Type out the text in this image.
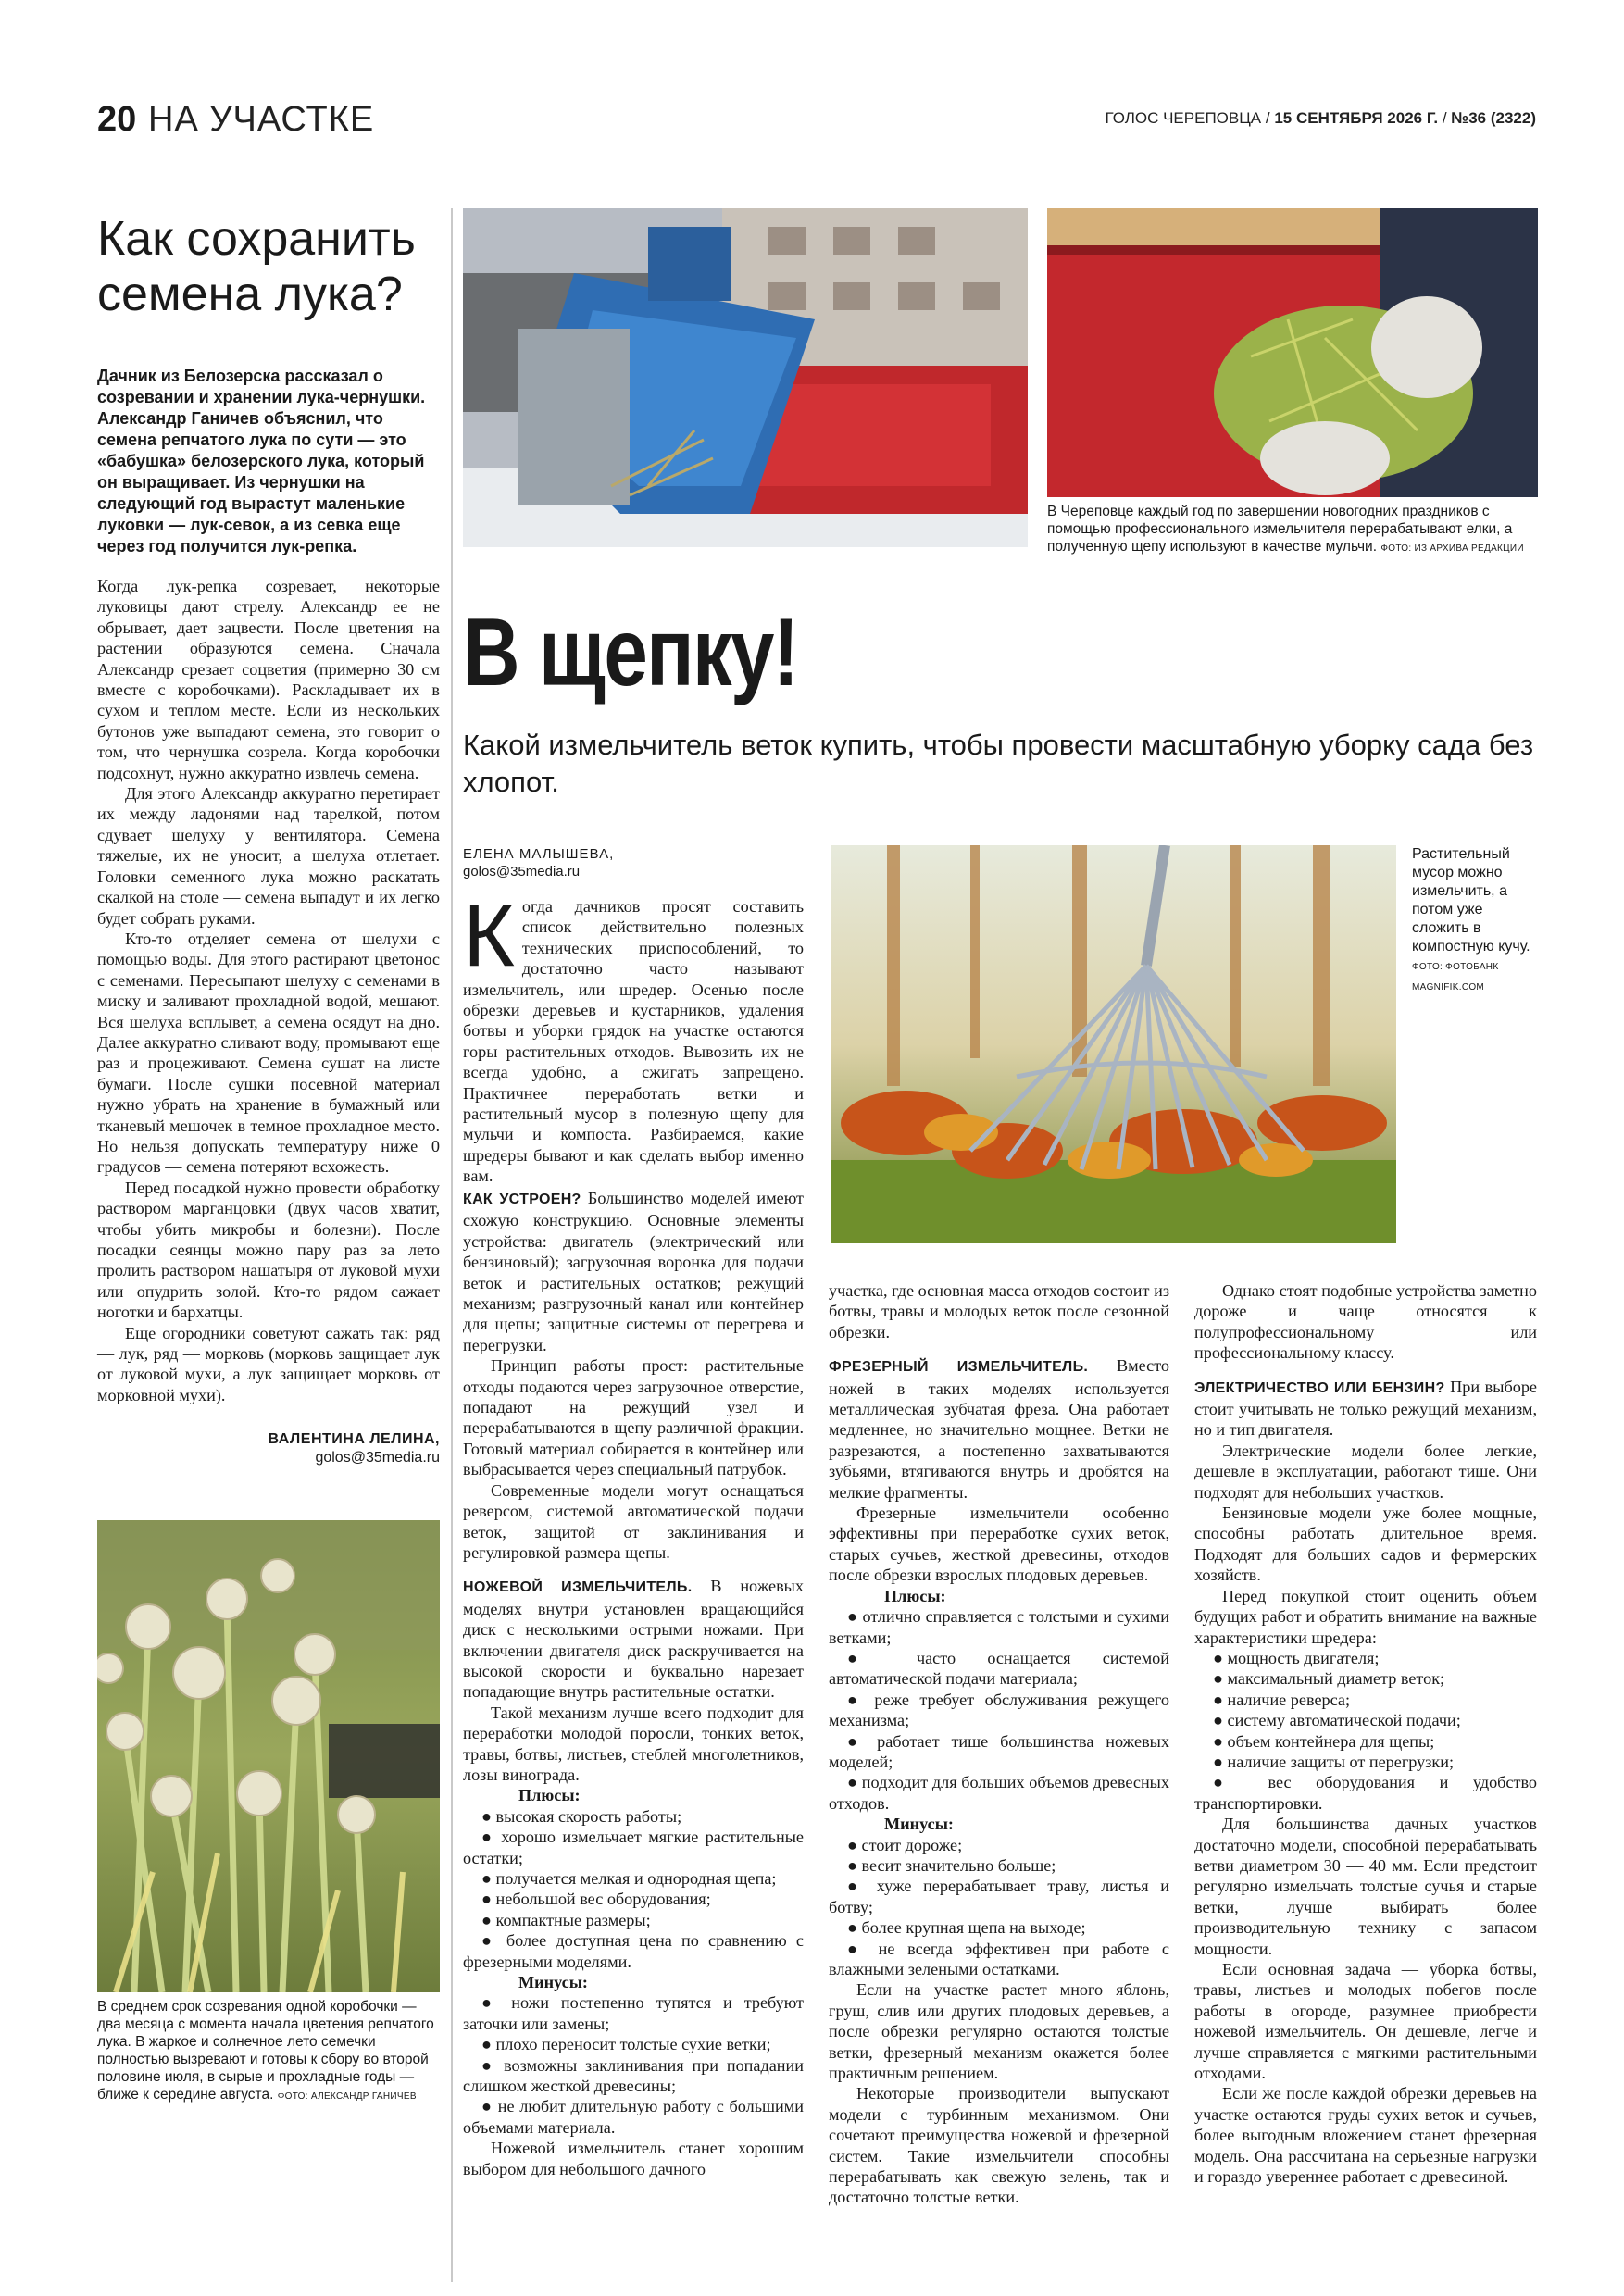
20 НА УЧАСТКЕ	ГОЛОС ЧЕРЕПОВЦА / 15 СЕНТЯБРЯ 2026 Г. / №36 (2322)
Как сохранить семена лука?
Дачник из Белозерска рассказал о созревании и хранении лука-чернушки. Александр Ганичев объяснил, что семена репчатого лука по сути — это «бабушка» белозерского лука, который он выращивает. Из чернушки на следующий год вырастут маленькие луковки — лук-севок, а из севка еще через год получится лук-репка.

Когда лук-репка созревает, некоторые луковицы дают стрелу. Александр ее не обрывает, дает зацвести. После цветения на растении образуются семена. Сначала Александр срезает соцветия (примерно 30 см вместе с коробочками). Раскладывает их в сухом и теплом месте. Если из нескольких бутонов уже выпадают семена, это говорит о том, что чернушка созрела. Когда коробочки подсохнут, нужно аккуратно извлечь семена.

Для этого Александр аккуратно перетирает их между ладонями над тарелкой, потом сдувает шелуху у вентилятора. Семена тяжелые, их не уносит, а шелуха отлетает. Головки семенного лука можно раскатать скалкой на столе — семена выпадут и их легко будет собрать руками.

Кто-то отделяет семена от шелухи с помощью воды. Для этого растирают цветонос с семенами. Пересыпают шелуху с семенами в миску и заливают прохладной водой, мешают. Вся шелуха всплывет, а семена осядут на дно. Далее аккуратно сливают воду, промывают еще раз и процеживают. Семена сушат на листе бумаги. После сушки посевной материал нужно убрать на хранение в бумажный или тканевый мешочек в темное прохладное место. Но нельзя допускать температуру ниже 0 градусов — семена потеряют всхожесть.

Перед посадкой нужно провести обработку раствором марганцовки (двух часов хватит, чтобы убить микробы и болезни). После посадки сеянцы можно пару раз за лето пролить раствором нашатыря от луковой мухи или опудрить золой. Кто-то рядом сажает ноготки и бархатцы.

Еще огородники советуют сажать так: ряд — лук, ряд — морковь (морковь защищает лук от луковой мухи, а лук защищает морковь от морковной мухи).

ВАЛЕНТИНА ЛЕЛИНА,
golos@35media.ru
В среднем срок созревания одной коробочки — два месяца с момента начала цветения репчатого лука. В жаркое и солнечное лето семечки полностью вызревают и готовы к сбору во второй половине июля, в сырые и прохладные годы — ближе к середине августа. ФОТО: АЛЕКСАНДР ГАНИЧЕВ
В Череповце каждый год по завершении новогодних праздников с помощью профессионального измельчителя перерабатывают елки, а полученную щепу используют в качестве мульчи. ФОТО: ИЗ АРХИВА РЕДАКЦИИ
В щепку!
Какой измельчитель веток купить, чтобы провести масштабную уборку сада без хлопот.
ЕЛЕНА МАЛЫШЕВА,
golos@35media.ru
Растительный мусор можно измельчить, а потом уже сложить в компостную кучу. ФОТО: ФОТОБАНК MAGNIFIK.COM

Когда дачников просят составить список действительно полезных технических приспособлений, то достаточно часто называют измельчитель, или шредер. Осенью после обрезки деревьев и кустарников, удаления ботвы и уборки грядок на участке остаются горы растительных отходов. Вывозить их не всегда удобно, а сжигать запрещено. Практичнее переработать ветки и растительный мусор в полезную щепу для мульчи и компоста. Разбираемся, какие шредеры бывают и как сделать выбор именно вам.

КАК УСТРОЕН? Большинство моделей имеют схожую конструкцию. Основные элементы устройства: двигатель (электрический или бензиновый); загрузочная воронка для подачи веток и растительных остатков; режущий механизм; разгрузочный канал или контейнер для щепы; защитные системы от перегрева и перегрузки.

Принцип работы прост: растительные отходы подаются через загрузочное отверстие, попадают на режущий узел и перерабатываются в щепу различной фракции. Готовый материал собирается в контейнер или выбрасывается через специальный патрубок.

Современные модели могут оснащаться реверсом, системой автоматической подачи веток, защитой от заклинивания и регулировкой размера щепы.

НОЖЕВОЙ ИЗМЕЛЬЧИТЕЛЬ. В ножевых моделях внутри установлен вращающийся диск с несколькими острыми ножами. При включении двигателя диск раскручивается на высокой скорости и буквально нарезает попадающие внутрь растительные остатки.

Такой механизм лучше всего подходит для переработки молодой поросли, тонких веток, травы, ботвы, листьев, стеблей многолетников, лозы винограда.

Плюсы:

● высокая скорость работы;

● хорошо измельчает мягкие растительные остатки;

● получается мелкая и однородная щепа;

● небольшой вес оборудования;

● компактные размеры;

● более доступная цена по сравнению с фрезерными моделями.

Минусы:

● ножи постепенно тупятся и требуют заточки или замены;

● плохо переносит толстые сухие ветки;

● возможны заклинивания при попадании слишком жесткой древесины;

● не любит длительную работу с большими объемами материала.

Ножевой измельчитель станет хорошим выбором для небольшого дачного

участка, где основная масса отходов состоит из ботвы, травы и молодых веток после сезонной обрезки.

ФРЕЗЕРНЫЙ ИЗМЕЛЬЧИТЕЛЬ. Вместо ножей в таких моделях используется металлическая зубчатая фреза. Она работает медленнее, но значительно мощнее. Ветки не разрезаются, а постепенно захватываются зубьями, втягиваются внутрь и дробятся на мелкие фрагменты.

Фрезерные измельчители особенно эффективны при переработке сухих веток, старых сучьев, жесткой древесины, отходов после обрезки взрослых плодовых деревьев.

Плюсы:

● отлично справляется с толстыми и сухими ветками;

● часто оснащается системой автоматической подачи материала;

● реже требует обслуживания режущего механизма;

● работает тише большинства ножевых моделей;

● подходит для больших объемов древесных отходов.

Минусы:

● стоит дороже;

● весит значительно больше;

● хуже перерабатывает траву, листья и ботву;

● более крупная щепа на выходе;

● не всегда эффективен при работе с влажными зелеными остатками.

Если на участке растет много яблонь, груш, слив или других плодовых деревьев, а после обрезки регулярно остаются толстые ветки, фрезерный механизм окажется более практичным решением.

Некоторые производители выпускают модели с турбинным механизмом. Они сочетают преимущества ножевой и фрезерной систем. Такие измельчители способны перерабатывать как свежую зелень, так и достаточно толстые ветки.

Однако стоят подобные устройства заметно дороже и чаще относятся к полупрофессиональному или профессиональному классу.

ЭЛЕКТРИЧЕСТВО ИЛИ БЕНЗИН? При выборе стоит учитывать не только режущий механизм, но и тип двигателя.

Электрические модели более легкие, дешевле в эксплуатации, работают тише. Они подходят для небольших участков.

Бензиновые модели уже более мощные, способны работать длительное время. Подходят для больших садов и фермерских хозяйств.

Перед покупкой стоит оценить объем будущих работ и обратить внимание на важные характеристики шредера:

● мощность двигателя;

● максимальный диаметр веток;

● наличие реверса;

● систему автоматической подачи;

● объем контейнера для щепы;

● наличие защиты от перегрузки;

● вес оборудования и удобство транспортировки.

Для большинства дачных участков достаточно модели, способной перерабатывать ветви диаметром 30 — 40 мм. Если предстоит регулярно измельчать толстые сучья и старые ветки, лучше выбирать более производительную технику с запасом мощности.

Если основная задача — уборка ботвы, травы, листьев и молодых побегов после работы в огороде, разумнее приобрести ножевой измельчитель. Он дешевле, легче и лучше справляется с мягкими растительными отходами.

Если же после каждой обрезки деревьев на участке остаются груды сухих веток и сучьев, более выгодным вложением станет фрезерная модель. Она рассчитана на серьезные нагрузки и гораздо увереннее работает с древесиной.
